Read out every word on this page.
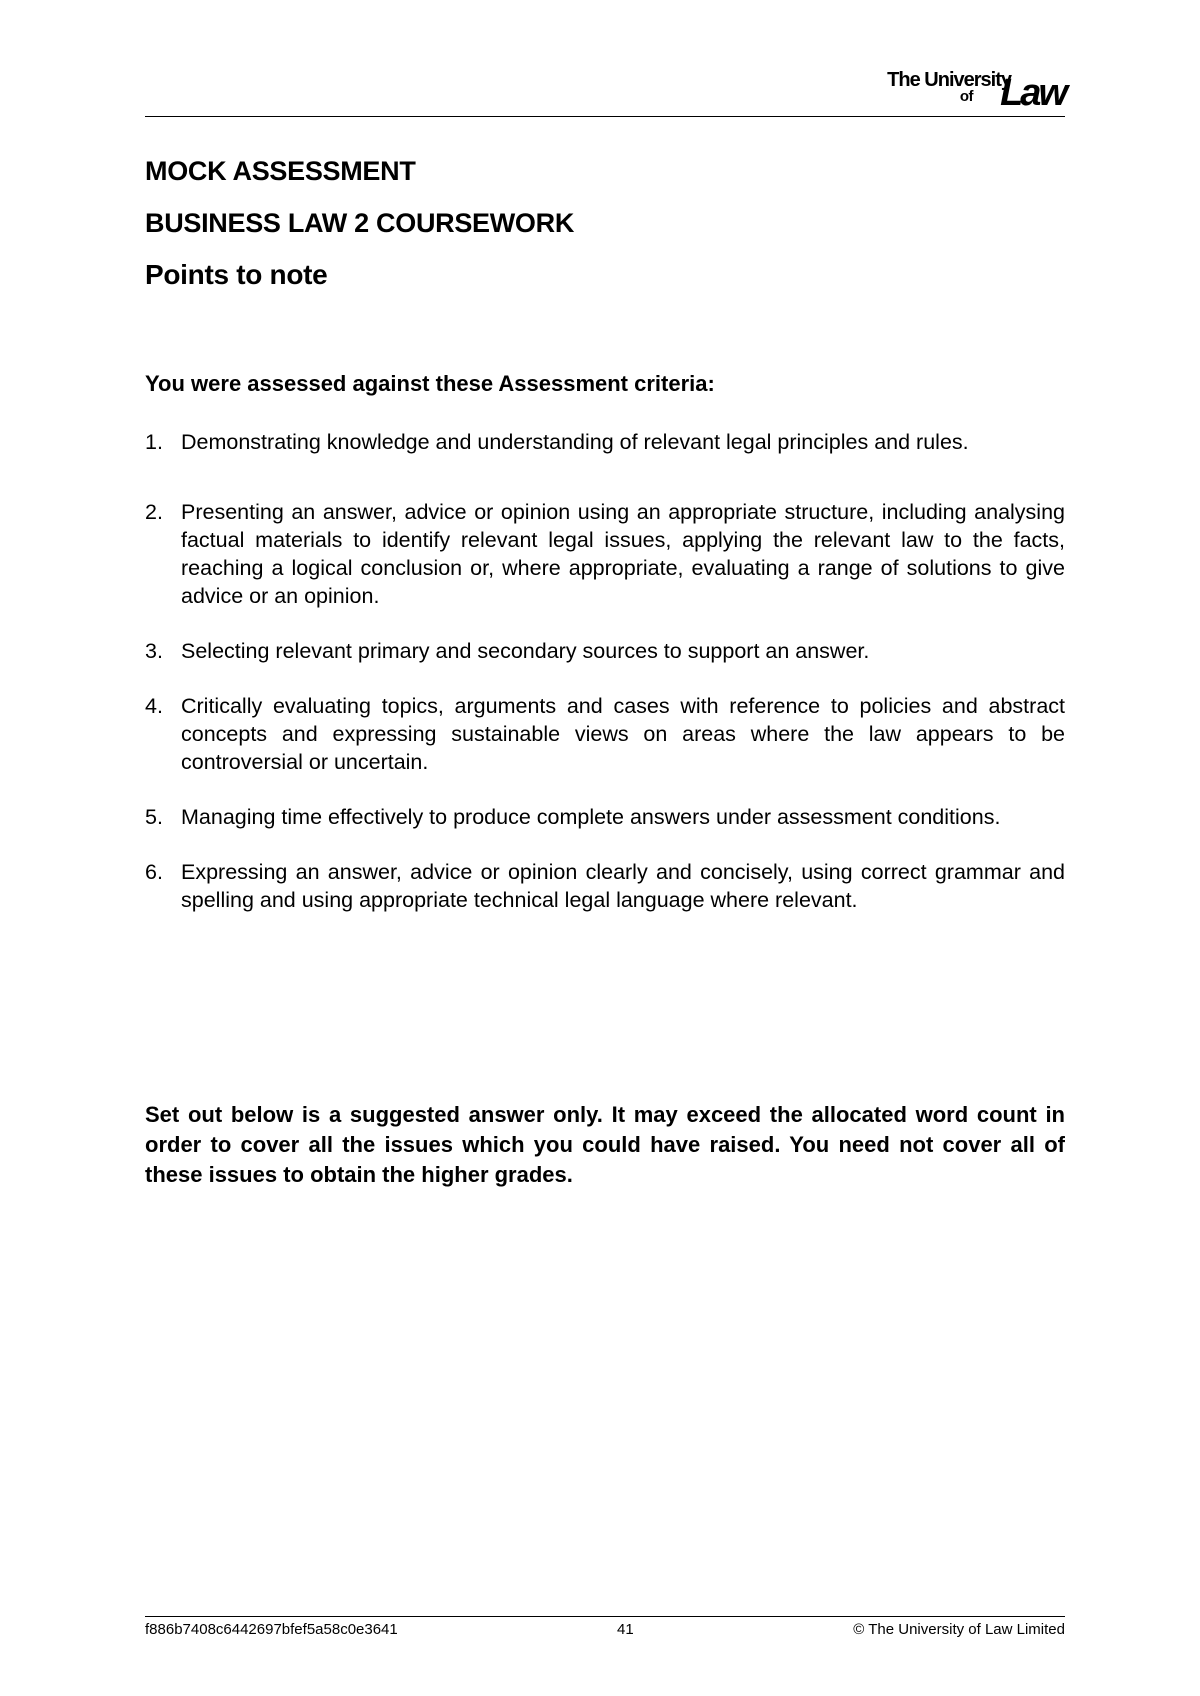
The University
of Law
MOCK ASSESSMENT
BUSINESS LAW 2 COURSEWORK
Points to note
You were assessed against these Assessment criteria:
1. Demonstrating knowledge and understanding of relevant legal principles and rules.
2. Presenting an answer, advice or opinion using an appropriate structure, including analysing factual materials to identify relevant legal issues, applying the relevant law to the facts, reaching a logical conclusion or, where appropriate, evaluating a range of solutions to give advice or an opinion.
3. Selecting relevant primary and secondary sources to support an answer.
4. Critically evaluating topics, arguments and cases with reference to policies and abstract concepts and expressing sustainable views on areas where the law appears to be controversial or uncertain.
5. Managing time effectively to produce complete answers under assessment conditions.
6. Expressing an answer, advice or opinion clearly and concisely, using correct grammar and spelling and using appropriate technical legal language where relevant.
Set out below is a suggested answer only. It may exceed the allocated word count in order to cover all the issues which you could have raised. You need not cover all of these issues to obtain the higher grades.
f886b7408c6442697bfef5a58c0e3641	41	© The University of Law Limited
